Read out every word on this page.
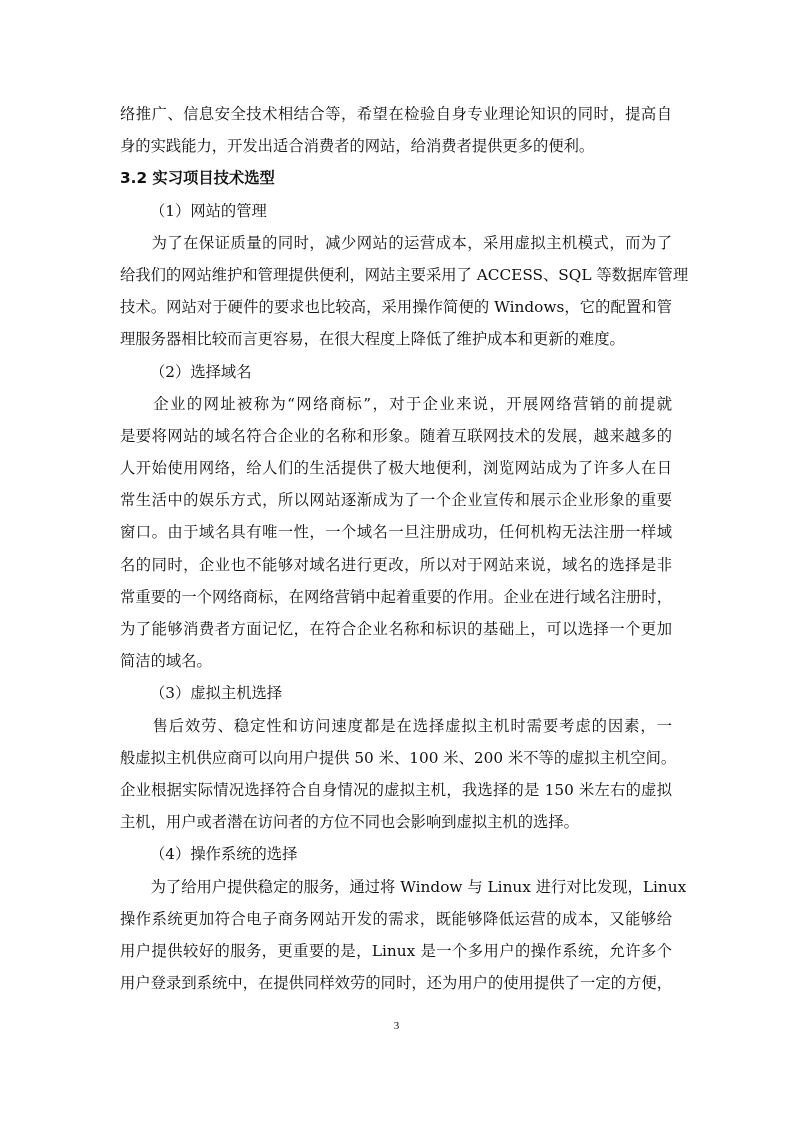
络推广、信息安全技术相结合等，希望在检验自身专业理论知识的同时，提高自
身的实践能力，开发出适合消费者的网站，给消费者提供更多的便利。
3.2 实习项目技术选型
（1）网站的管理
　　为了在保证质量的同时，减少网站的运营成本，采用虚拟主机模式，而为了
给我们的网站维护和管理提供便利，网站主要采用了 ACCESS、SQL 等数据库管理
技术。网站对于硬件的要求也比较高，采用操作简便的 Windows，它的配置和管
理服务器相比较而言更容易，在很大程度上降低了维护成本和更新的难度。
（2）选择域名
　　企业的网址被称为“网络商标”，对于企业来说，开展网络营销的前提就
是要将网站的域名符合企业的名称和形象。随着互联网技术的发展，越来越多的
人开始使用网络，给人们的生活提供了极大地便利，浏览网站成为了许多人在日
常生活中的娱乐方式，所以网站逐渐成为了一个企业宣传和展示企业形象的重要
窗口。由于域名具有唯一性，一个域名一旦注册成功，任何机构无法注册一样域
名的同时，企业也不能够对域名进行更改，所以对于网站来说，域名的选择是非
常重要的一个网络商标，在网络营销中起着重要的作用。企业在进行域名注册时，
为了能够消费者方面记忆，在符合企业名称和标识的基础上，可以选择一个更加
简洁的域名。
（3）虚拟主机选择
　　售后效劳、稳定性和访问速度都是在选择虚拟主机时需要考虑的因素，一
般虚拟主机供应商可以向用户提供 50 米、100 米、200 米不等的虚拟主机空间。
企业根据实际情况选择符合自身情况的虚拟主机，我选择的是 150 米左右的虚拟
主机，用户或者潜在访问者的方位不同也会影响到虚拟主机的选择。
（4）操作系统的选择
　　为了给用户提供稳定的服务，通过将 Window 与 Linux 进行对比发现，Linux
操作系统更加符合电子商务网站开发的需求，既能够降低运营的成本，又能够给
用户提供较好的服务，更重要的是，Linux 是一个多用户的操作系统，允许多个
用户登录到系统中，在提供同样效劳的同时，还为用户的使用提供了一定的方便，
3
